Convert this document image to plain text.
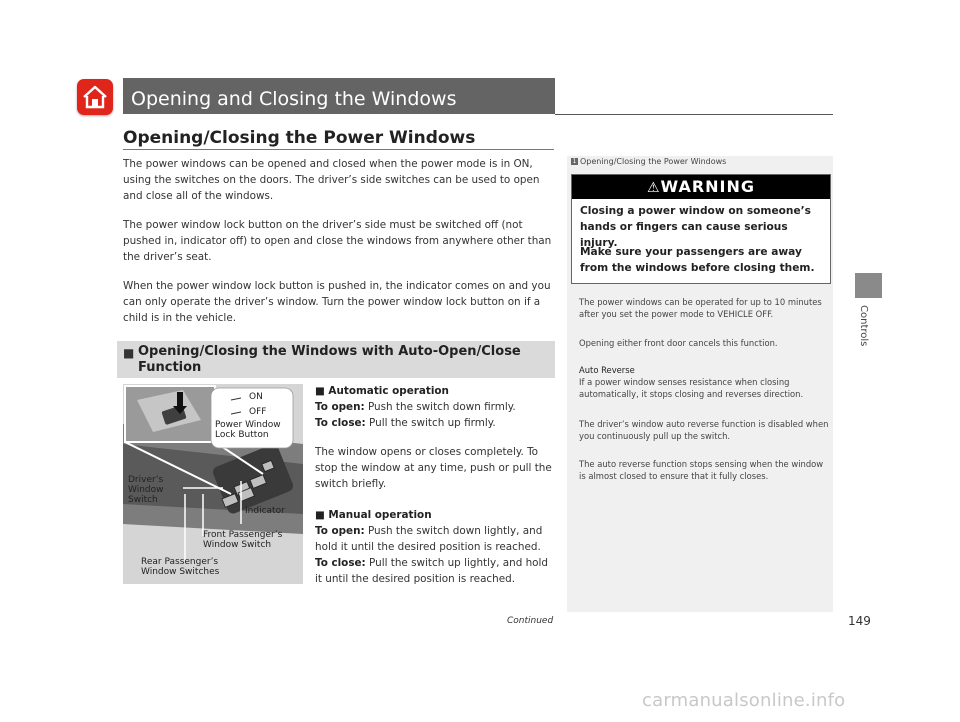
Opening and Closing the Windows
Controls
Opening/Closing the Power Windows
The power windows can be opened and closed when the power mode is in ON, using the switches on the doors. The driver’s side switches can be used to open and close all of the windows.
The power window lock button on the driver’s side must be switched off (not pushed in, indicator off) to open and close the windows from anywhere other than the driver’s seat.
When the power window lock button is pushed in, the indicator comes on and you can only operate the driver’s window. Turn the power window lock button on if a child is in the vehicle.
■ Opening/Closing the Windows with Auto-Open/Close Function
ON
OFF
Power Window Lock Button
Driver’s Window Switch
Indicator
Front Passenger’s Window Switch
Rear Passenger’s Window Switches
■ Automatic operation
To open: Push the switch down firmly.
To close: Pull the switch up firmly.
The window opens or closes completely. To stop the window at any time, push or pull the switch briefly.
■ Manual operation
To open: Push the switch down lightly, and hold it until the desired position is reached.
To close: Pull the switch up lightly, and hold it until the desired position is reached.
1 Opening/Closing the Power Windows
⚠WARNING
Closing a power window on someone’s hands or fingers can cause serious injury.
Make sure your passengers are away from the windows before closing them.
The power windows can be operated for up to 10 minutes after you set the power mode to VEHICLE OFF.
Opening either front door cancels this function.
Auto Reverse
If a power window senses resistance when closing automatically, it stops closing and reverses direction.
The driver’s window auto reverse function is disabled when you continuously pull up the switch.
The auto reverse function stops sensing when the window is almost closed to ensure that it fully closes.
Continued	149
carmanualsonline.info
